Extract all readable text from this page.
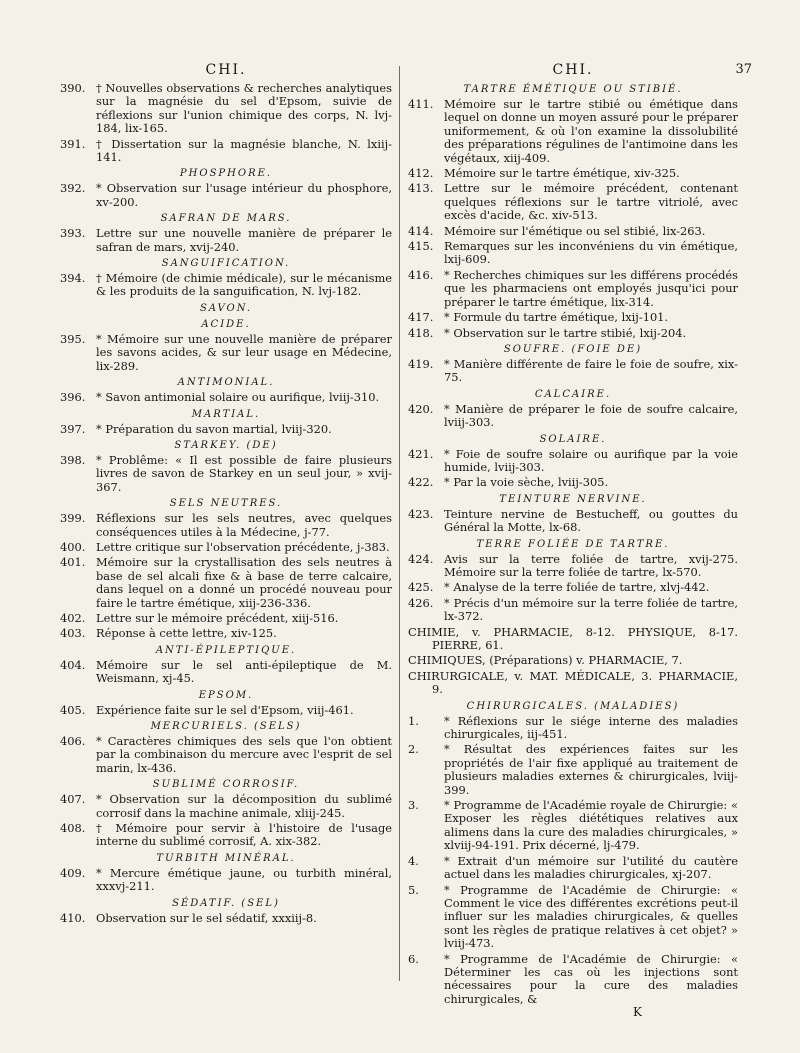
CHI.
390. † Nouvelles observations & recherches analytiques sur la magnésie du sel d'Epsom, suivie de réflexions sur l'union chimique des corps, N. lvj-184, lix-165.
391. † Dissertation sur la magnésie blanche, N. lxiij-141.
PHOSPHORE.
392. * Observation sur l'usage intérieur du phosphore, xv-200.
SAFRAN DE MARS.
393. Lettre sur une nouvelle manière de préparer le safran de mars, xvij-240.
SANGUIFICATION.
394. † Mémoire (de chimie médicale), sur le mécanisme & les produits de la sanguification, N. lvj-182.
SAVON.
ACIDE.
395. * Mémoire sur une nouvelle manière de préparer les savons acides, & sur leur usage en Médecine, lix-289.
ANTIMONIAL.
396. * Savon antimonial solaire ou aurifique, lviij-310.
MARTIAL.
397. * Préparation du savon martial, lviij-320.
STARKEY. (DE)
398. * Problême: « Il est possible de faire plusieurs livres de savon de Starkey en un seul jour, » xvij-367.
SELS NEUTRES.
399. Réflexions sur les sels neutres, avec quelques conséquences utiles à la Médecine, j-77.
400. Lettre critique sur l'observation précédente, j-383.
401. Mémoire sur la crystallisation des sels neutres à base de sel alcali fixe & à base de terre calcaire, dans lequel on a donné un procédé nouveau pour faire le tartre émétique, xiij-236-336.
402. Lettre sur le mémoire précédent, xiij-516.
403. Réponse à cette lettre, xiv-125.
ANTI-ÉPILEPTIQUE.
404. Mémoire sur le sel anti-épileptique de M. Weismann, xj-45.
EPSOM.
405. Expérience faite sur le sel d'Epsom, viij-461.
MERCURIELS. (SELS)
406. * Caractères chimiques des sels que l'on obtient par la combinaison du mercure avec l'esprit de sel marin, lx-436.
SUBLIMÉ CORROSIF.
407. * Observation sur la décomposition du sublimé corrosif dans la machine animale, xliij-245.
408. † Mémoire pour servir à l'histoire de l'usage interne du sublimé corrosif, A. xix-382.
TURBITH MINÉRAL.
409. * Mercure émétique jaune, ou turbith minéral, xxxvj-211.
SÉDATIF. (SEL)
410. Observation sur le sel sédatif, xxxiij-8.
CHI.	37
TARTRE ÉMÉTIQUE OU STIBIÉ.
411. Mémoire sur le tartre stibié ou émétique dans lequel on donne un moyen assuré pour le préparer uniformement, & où l'on examine la dissolubilité des préparations régulines de l'antimoine dans les végétaux, xiij-409.
412. Mémoire sur le tartre émétique, xiv-325.
413. Lettre sur le mémoire précédent, contenant quelques réflexions sur le tartre vitriolé, avec excès d'acide, &c. xiv-513.
414. Mémoire sur l'émétique ou sel stibié, lix-263.
415. Remarques sur les inconvéniens du vin émétique, lxij-609.
416. * Recherches chimiques sur les différens procédés que les pharmaciens ont employés jusqu'ici pour préparer le tartre émétique, lix-314.
417. * Formule du tartre émétique, lxij-101.
418. * Observation sur le tartre stibié, lxij-204.
SOUFRE. (FOIE DE)
419. * Manière différente de faire le foie de soufre, xix-75.
CALCAIRE.
420. * Manière de préparer le foie de soufre calcaire, lviij-303.
SOLAIRE.
421. * Foie de soufre solaire ou aurifique par la voie humide, lviij-303.
422. * Par la voie sèche, lviij-305.
TEINTURE NERVINE.
423. Teinture nervine de Bestucheff, ou gouttes du Général la Motte, lx-68.
TERRE FOLIÉE DE TARTRE.
424. Avis sur la terre foliée de tartre, xvij-275. Mémoire sur la terre foliée de tartre, lx-570.
425. * Analyse de la terre foliée de tartre, xlvj-442.
426. * Précis d'un mémoire sur la terre foliée de tartre, lx-372.
CHIMIE, v. PHARMACIE, 8-12. PHYSIQUE, 8-17. PIERRE, 61.
CHIMIQUES, (Préparations) v. PHARMACIE, 7.
CHIRURGICALE, v. MAT. MÉDICALE, 3. PHARMACIE, 9.
CHIRURGICALES. (MALADIES)
1.	* Réflexions sur le siége interne des maladies chirurgicales, iij-451.
2.	* Résultat des expériences faites sur les propriétés de l'air fixe appliqué au traitement de plusieurs maladies externes & chirurgicales, lviij-399.
3.	* Programme de l'Académie royale de Chirurgie: « Exposer les règles diététiques relatives aux alimens dans la cure des maladies chirurgicales, » xlviij-94-191. Prix décerné, lj-479.
4.	* Extrait d'un mémoire sur l'utilité du cautère actuel dans les maladies chirurgicales, xj-207.
5.	* Programme de l'Académie de Chirurgie: « Comment le vice des différentes excrétions peut-il influer sur les maladies chirurgicales, & quelles sont les règles de pratique relatives à cet objet? » lviij-473.
6.	* Programme de l'Académie de Chirurgie: « Déterminer les cas où les injections sont nécessaires pour la cure des maladies chirurgicales, &
K
